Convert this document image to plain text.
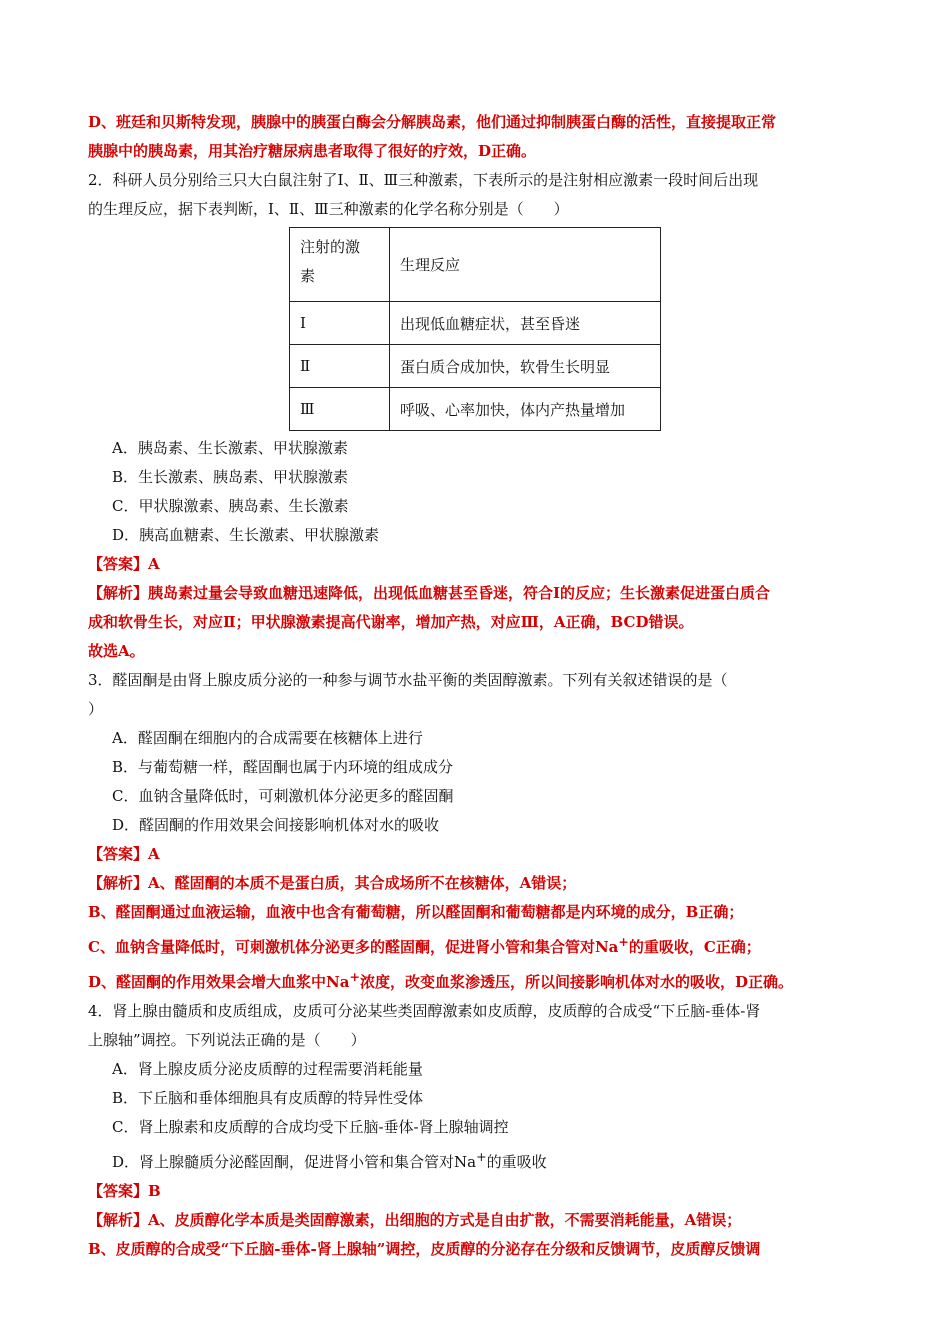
D、班廷和贝斯特发现，胰腺中的胰蛋白酶会分解胰岛素，他们通过抑制胰蛋白酶的活性，直接提取正常
胰腺中的胰岛素，用其治疗糖尿病患者取得了很好的疗效，D正确。
2．科研人员分别给三只大白鼠注射了Ⅰ、Ⅱ、Ⅲ三种激素，下表所示的是注射相应激素一段时间后出现
的生理反应，据下表判断，Ⅰ、Ⅱ、Ⅲ三种激素的化学名称分别是（　　）
注射的激
素	生理反应
Ⅰ	出现低血糖症状，甚至昏迷
Ⅱ	蛋白质合成加快，软骨生长明显
Ⅲ	呼吸、心率加快，体内产热量增加
A．胰岛素、生长激素、甲状腺激素
B．生长激素、胰岛素、甲状腺激素
C．甲状腺激素、胰岛素、生长激素
D．胰高血糖素、生长激素、甲状腺激素
【答案】A
【解析】胰岛素过量会导致血糖迅速降低，出现低血糖甚至昏迷，符合Ⅰ的反应；生长激素促进蛋白质合
成和软骨生长，对应Ⅱ；甲状腺激素提高代谢率，增加产热，对应Ⅲ，A正确，BCD错误。
故选A。
3．醛固酮是由肾上腺皮质分泌的一种参与调节水盐平衡的类固醇激素。下列有关叙述错误的是（
）
A．醛固酮在细胞内的合成需要在核糖体上进行
B．与葡萄糖一样，醛固酮也属于内环境的组成成分
C．血钠含量降低时，可刺激机体分泌更多的醛固酮
D．醛固酮的作用效果会间接影响机体对水的吸收
【答案】A
【解析】A、醛固酮的本质不是蛋白质，其合成场所不在核糖体，A错误；
B、醛固酮通过血液运输，血液中也含有葡萄糖，所以醛固酮和葡萄糖都是内环境的成分，B正确；
C、血钠含量降低时，可刺激机体分泌更多的醛固酮，促进肾小管和集合管对Na+的重吸收，C正确；
D、醛固酮的作用效果会增大血浆中Na+浓度，改变血浆渗透压，所以间接影响机体对水的吸收，D正确。
4．肾上腺由髓质和皮质组成，皮质可分泌某些类固醇激素如皮质醇，皮质醇的合成受“下丘脑-垂体-肾
上腺轴”调控。下列说法正确的是（　　）
A．肾上腺皮质分泌皮质醇的过程需要消耗能量
B．下丘脑和垂体细胞具有皮质醇的特异性受体
C．肾上腺素和皮质醇的合成均受下丘脑-垂体-肾上腺轴调控
D．肾上腺髓质分泌醛固酮，促进肾小管和集合管对Na+的重吸收
【答案】B
【解析】A、皮质醇化学本质是类固醇激素，出细胞的方式是自由扩散，不需要消耗能量，A错误；
B、皮质醇的合成受“下丘脑-垂体-肾上腺轴”调控，皮质醇的分泌存在分级和反馈调节，皮质醇反馈调
